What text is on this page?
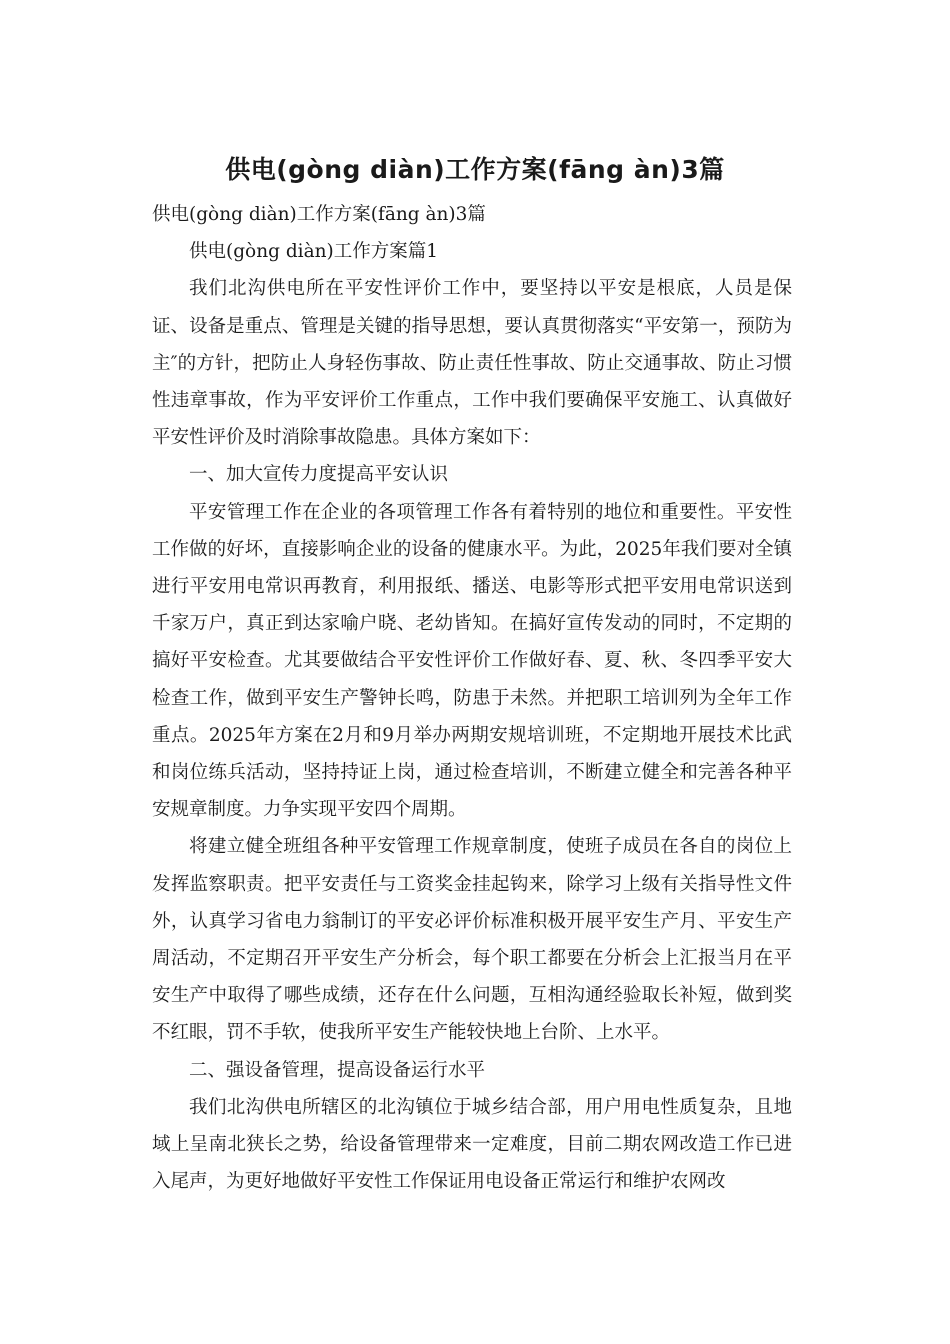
供电(gòng diàn)工作方案(fāng àn)3篇

供电(gòng diàn)工作方案(fāng àn)3篇

供电(gòng diàn)工作方案篇1

我们北沟供电所在平安性评价工作中，要坚持以平安是根底，人员是保证、设备是重点、管理是关键的指导思想，要认真贯彻落实“平安第一，预防为主″的方针，把防止人身轻伤事故、防止责任性事故、防止交通事故、防止习惯性违章事故，作为平安评价工作重点，工作中我们要确保平安施工、认真做好平安性评价及时消除事故隐患。具体方案如下：

一、加大宣传力度提高平安认识

平安管理工作在企业的各项管理工作各有着特别的地位和重要性。平安性工作做的好坏，直接影响企业的设备的健康水平。为此，2025年我们要对全镇进行平安用电常识再教育，利用报纸、播送、电影等形式把平安用电常识送到千家万户，真正到达家喻户晓、老幼皆知。在搞好宣传发动的同时，不定期的搞好平安检查。尤其要做结合平安性评价工作做好春、夏、秋、冬四季平安大检查工作，做到平安生产警钟长鸣，防患于未然。并把职工培训列为全年工作重点。2025年方案在2月和9月举办两期安规培训班，不定期地开展技术比武和岗位练兵活动，坚持持证上岗，通过检查培训，不断建立健全和完善各种平安规章制度。力争实现平安四个周期。

将建立健全班组各种平安管理工作规章制度，使班子成员在各自的岗位上发挥监察职责。把平安责任与工资奖金挂起钩来，除学习上级有关指导性文件外，认真学习省电力翁制订的平安必评价标准积极开展平安生产月、平安生产周活动，不定期召开平安生产分析会，每个职工都要在分析会上汇报当月在平安生产中取得了哪些成绩，还存在什么问题，互相沟通经验取长补短，做到奖不红眼，罚不手软，使我所平安生产能较快地上台阶、上水平。

二、强设备管理，提高设备运行水平

我们北沟供电所辖区的北沟镇位于城乡结合部，用户用电性质复杂，且地域上呈南北狭长之势，给设备管理带来一定难度，目前二期农网改造工作已进入尾声，为更好地做好平安性工作保证用电设备正常运行和维护农网改
